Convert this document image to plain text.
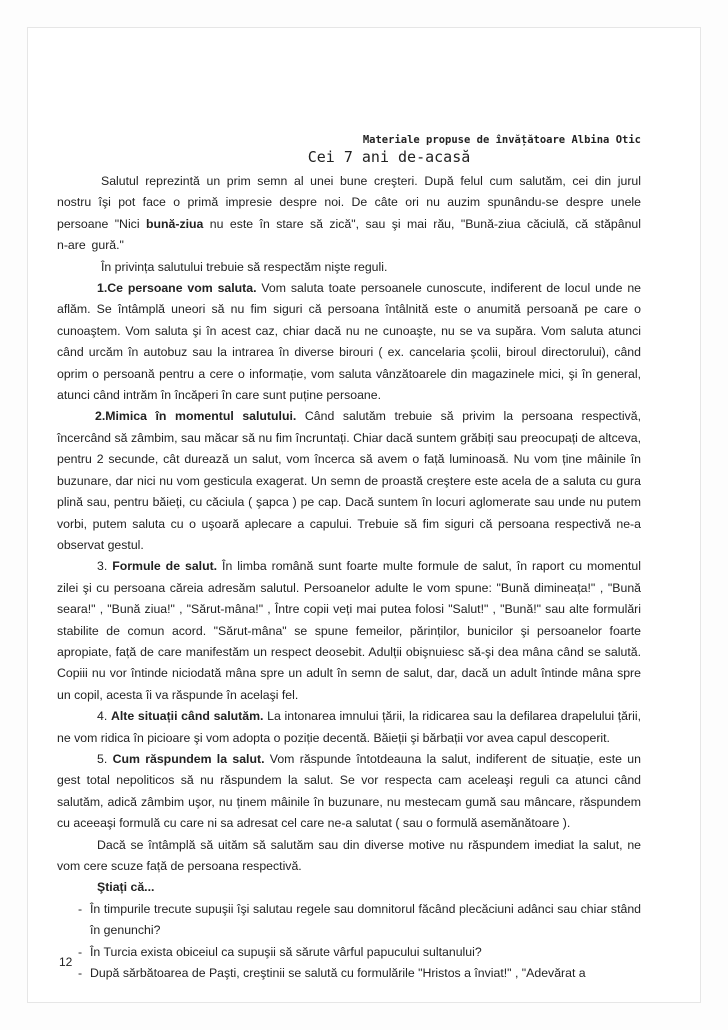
Materiale propuse de învățătoare Albina Otic
Cei 7 ani de-acasă

Salutul reprezintă un prim semn al unei bune creşteri. După felul cum salutăm, cei din jurul nostru îşi pot face o primă impresie despre noi. De câte ori nu auzim spunându-se despre unele persoane "Nici bună-ziua nu este în stare să zică", sau şi mai rău, "Bună-ziua căciulă, că stăpânul n-are gură."

În privința salutului trebuie să respectăm nişte reguli.

1.Ce persoane vom saluta. Vom saluta toate persoanele cunoscute, indiferent de locul unde ne aflăm. Se întâmplă uneori să nu fim siguri că persoana întâlnită este o anumită persoană pe care o cunoaştem. Vom saluta şi în acest caz, chiar dacă nu ne cunoaşte, nu se va supăra. Vom saluta atunci când urcăm în autobuz sau la intrarea în diverse birouri ( ex. cancelaria şcolii, biroul directorului), când oprim o persoană pentru a cere o informație, vom saluta vânzătoarele din magazinele mici, şi în general, atunci când intrăm în încăperi în care sunt puține persoane.

2.Mimica în momentul salutului. Când salutăm trebuie să privim la persoana respectivă, încercând să zâmbim, sau măcar să nu fim încruntați. Chiar dacă suntem grăbiți sau preocupați de altceva, pentru 2 secunde, cât durează un salut, vom încerca să avem o față luminoasă. Nu vom ține mâinile în buzunare, dar nici nu vom gesticula exagerat. Un semn de proastă creştere este acela de a saluta cu gura plină sau, pentru băieți, cu căciula ( şapca ) pe cap. Dacă suntem în locuri aglomerate sau unde nu putem vorbi, putem saluta cu o uşoară aplecare a capului. Trebuie să fim siguri că persoana respectivă ne-a observat gestul.

3. Formule de salut. În limba română sunt foarte multe formule de salut, în raport cu momentul zilei şi cu persoana căreia adresăm salutul. Persoanelor adulte le vom spune: "Bună dimineața!" , "Bună seara!" , "Bună ziua!" , "Sărut-mâna!" , Între copii veți mai putea folosi "Salut!" , "Bună!" sau alte formulări stabilite de comun acord. "Sărut-mâna" se spune femeilor, părinților, bunicilor şi persoanelor foarte apropiate, față de care manifestăm un respect deosebit. Adulții obişnuiesc să-şi dea mâna când se salută. Copiii nu vor întinde niciodată mâna spre un adult în semn de salut, dar, dacă un adult întinde mâna spre un copil, acesta îi va răspunde în acelaşi fel.

4. Alte situații când salutăm. La intonarea imnului țării, la ridicarea sau la defilarea drapelului țării, ne vom ridica în picioare şi vom adopta o poziție decentă. Băieții şi bărbații vor avea capul descoperit.

5. Cum răspundem la salut. Vom răspunde întotdeauna la salut, indiferent de situație, este un gest total nepoliticos să nu răspundem la salut. Se vor respecta cam aceleaşi reguli ca atunci când salutăm, adică zâmbim uşor, nu ținem mâinile în buzunare, nu mestecam gumă sau mâncare, răspundem cu aceeaşi formulă cu care ni sa adresat cel care ne-a salutat ( sau o formulă asemănătoare ).

Dacă se întâmplă să uităm să salutăm sau din diverse motive nu răspundem imediat la salut, ne vom cere scuze față de persoana respectivă.

Ştiați că...

- În timpurile trecute supuşii îşi salutau regele sau domnitorul făcând plecăciuni adânci sau chiar stând în genunchi?

- În Turcia exista obiceiul ca supuşii să sărute vârful papucului sultanului?

- După sărbătoarea de Paşti, creştinii se salută cu formulările "Hristos a înviat!" , "Adevărat a

12
